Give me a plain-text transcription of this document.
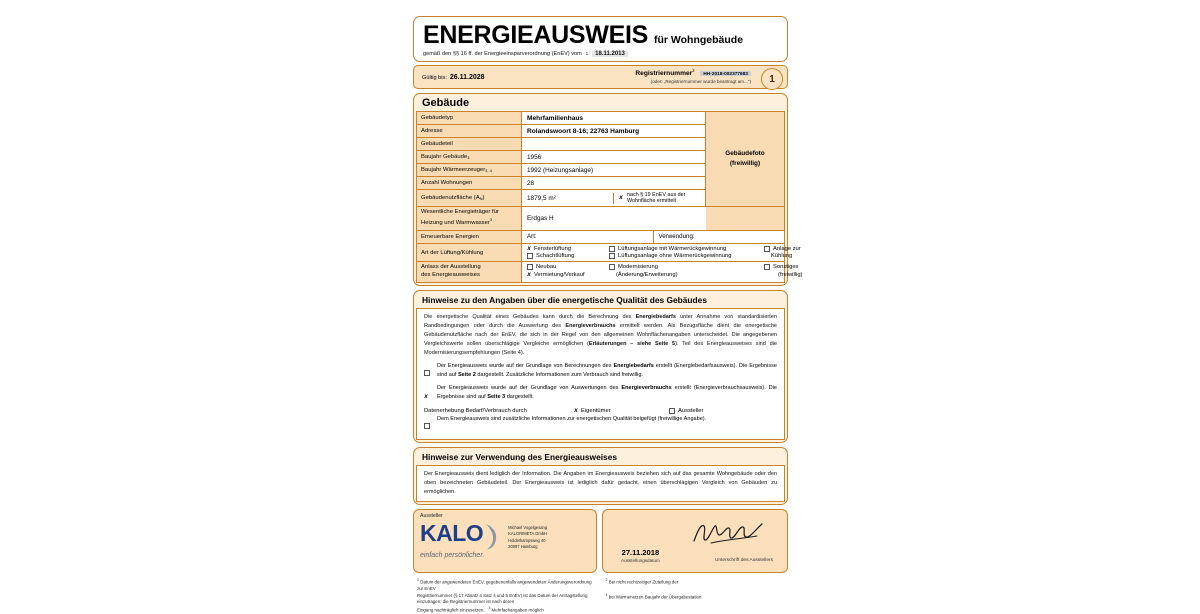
ENERGIEAUSWEIS für Wohngebäude
gemäß den §§ 16 ff. der Energieeinsparverordnung (EnEV) vom 1	18.11.2013
Gültig bis: 26.11.2028	Registriernummer$^2$ HH-2018-002377683
(oder: „Registriernummer wurde beantragt am...")	1
Gebäude
Gebäudetyp	Mehrfamilienhaus
Adresse	Rolandswoort 8-16; 22763 Hamburg
Gebäudeteil
Baujahr Gebäude 3	1956
Baujahr Wärmeerzeuger 3, 4	1992 (Heizungsanlage)
Anzahl Wohnungen	28
Gebäudenutzfläche (A N )	1879,5 m²	x nach § 19 EnEV aus der Wohnfläche ermittelt
Gebäudefoto
(freiwillig)
Wesentliche Energieträger für
Heizung und Warmwasser$^3$	Erdgas H
Erneuerbare Energien	Art:	Verwendung:
Art der Lüftung/Kühlung
x Fensterlüftung	Lüftungsanlage mit Wärmerückgewinnung	Anlage zur
Schachtlüftung	Lüftungsanlage ohne Wärmerückgewinnung	Kühlung
Anlass der Ausstellung
des Energieausweises
Neubau	Modernisierung	Sonstiges
x Vermietung/Verkauf	(Änderung/Erweiterung)	(freiwillig)
Hinweise zu den Angaben über die energetische Qualität des Gebäudes
Die energetische Qualität eines Gebäudes kann durch die Berechnung des Energiebedarfs unter Annahme von standardisierten Randbedingungen oder durch die Auswertung des Energieverbrauchs ermittelt werden. Als Bezugsfläche dient die energetische Gebäudenutzfläche nach der EnEV, die sich in der Regel von den allgemeinen Wohnflächenangaben unterscheidet. Die angegebenen Vergleichswerte sollen überschlägige Vergleiche ermöglichen (Erläuterungen – siehe Seite 5). Teil des Energieausweises sind die Modernisierungsempfehlungen (Seite 4).
Der Energieausweis wurde auf der Grundlage von Berechnungen des Energiebedarfs erstellt (Energiebedarfsausweis). Die Ergebnisse sind auf Seite 2 dargestellt. Zusätzliche Informationen zum Verbrauch sind freiwillig.
x
Der Energieausweis wurde auf der Grundlage von Auswertungen des Energieverbrauchs erstellt (Energieverbrauchsausweis). Die Ergebnisse sind auf Seite 3 dargestellt.
Datenerhebung Bedarf/Verbrauch durch	x Eigentümer	Aussteller
Dem Energieausweis sind zusätzliche Informationen zur energetischen Qualität beigefügt (freiwillige Angabe).
Hinweise zur Verwendung des Energieausweises
Der Energieausweis dient lediglich der Information. Die Angaben im Energieausweis beziehen sich auf das gesamte Wohngebäude oder den oben bezeichneten Gebäudeteil. Der Energieausweis ist lediglich dafür gedacht, einen überschlägigen Vergleich von Gebäuden zu ermöglichen.
Aussteller
KALO	Michael Vogelgesang
KALORIMETA GmbH
Holderkampsweg 40
20097 Hamburg
einfach persönlicher.	27.11.2018
Ausstellungsdatum	Unterschrift des Ausstellers
$^1$ Datum der angewendeten EnEV, gegebenenfalls angewendeten Änderungsverordnung zur EnEV
Registriernummer (§ 17 Absatz 4 Satz 4 und 5 EnEV) ist das Datum der Antragstellung einzutragen; die Registriernummer ist nach deren
Eingang nachträglich einzusetzen. $^3$ Mehrfachangaben möglich
$^2$ Bei nicht rechtzeitiger Zuteilung der

$^4$ bei Wärmenetzen Baujahr der Übergabestation
